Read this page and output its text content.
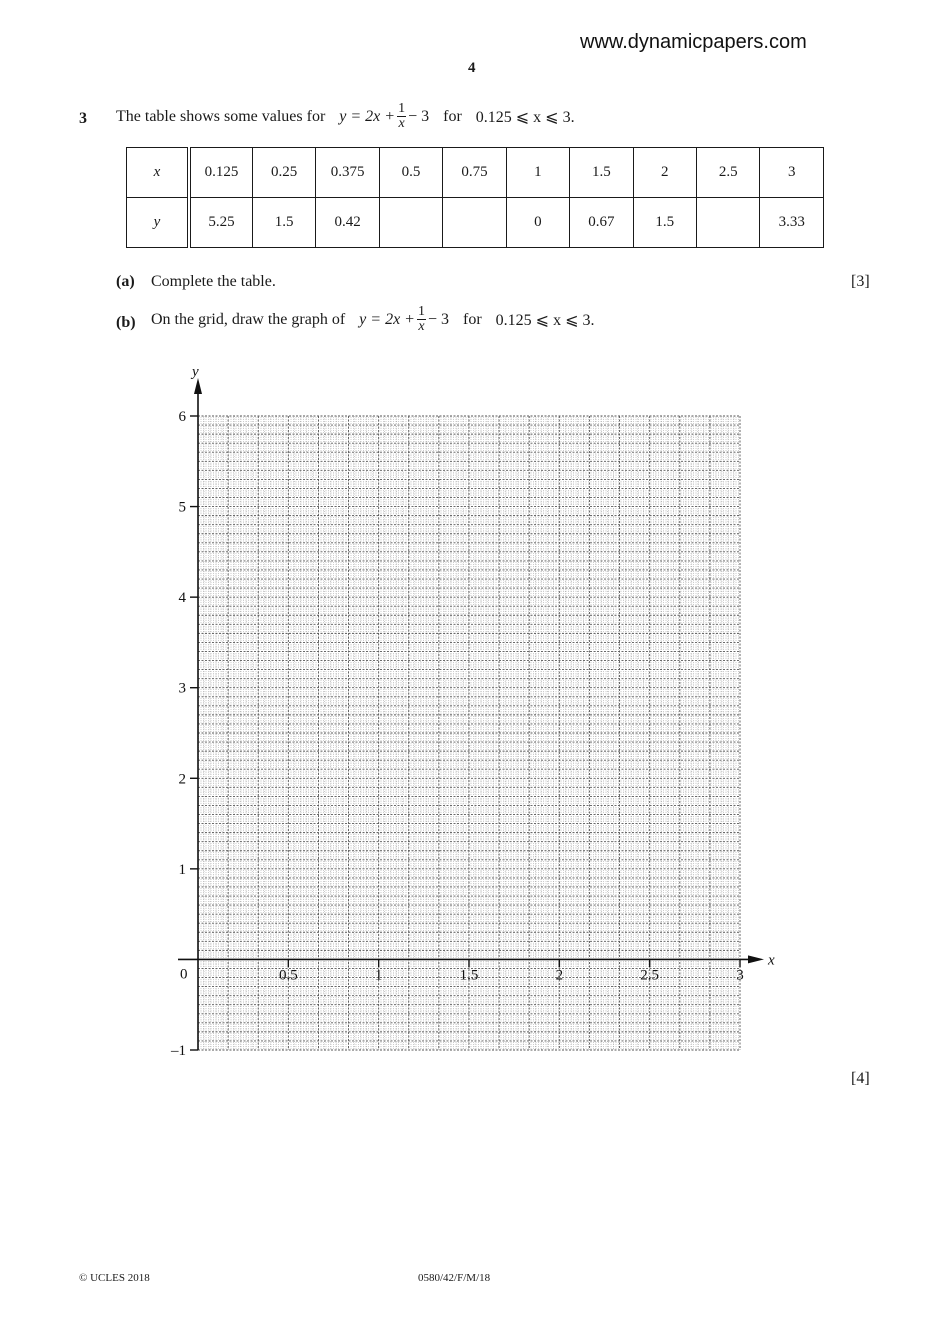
www.dynamicpapers.com
4
3 The table shows some values for $y = 2x + \frac{1}{x} - 3$ for 0.125 ⩽ x ⩽ 3.
x	0.125	0.25	0.375	0.5	0.75	1	1.5	2	2.5	3
y	5.25	1.5	0.42			0	0.67	1.5		3.33
(a) Complete the table.	[3]
(b) On the grid, draw the graph of $y = 2x + \frac{1}{x} - 3$ for 0.125 ⩽ x ⩽ 3.
y
x
0
–1
1
2
3
4
5
6
0.5	1	1.5	2	2.5	3
[4]
© UCLES 2018	0580/42/F/M/18
